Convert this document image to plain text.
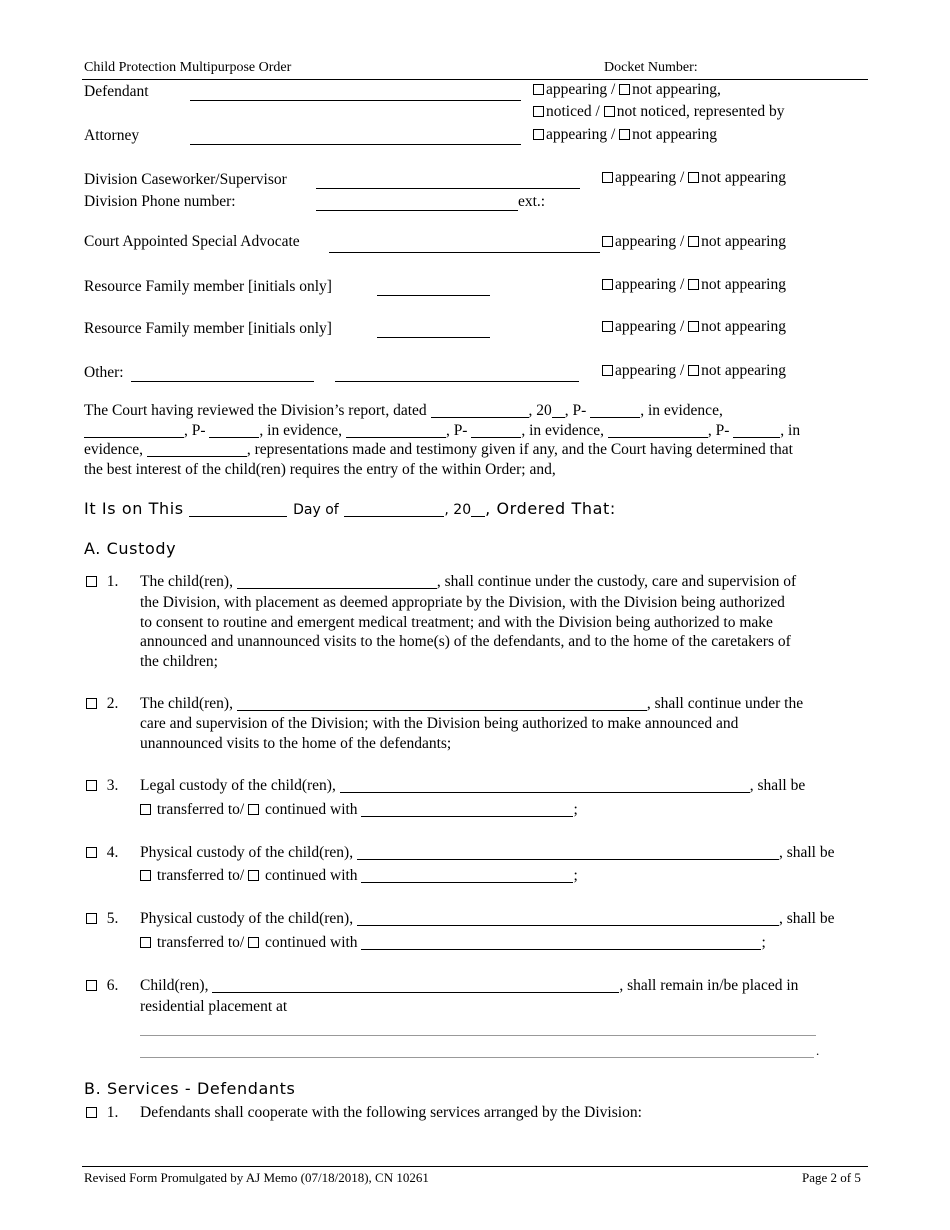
Child Protection Multipurpose Order	Docket Number:
Defendant	appearing / not appearing,
noticed / not noticed, represented by
Attorney	appearing / not appearing
Division Caseworker/Supervisor	appearing / not appearing
Division Phone number:	ext.:
Court Appointed Special Advocate	appearing / not appearing
Resource Family member [initials only]	appearing / not appearing
Resource Family member [initials only]	appearing / not appearing
Other:	appearing / not appearing
The Court having reviewed the Division’s report, dated	, 20 , P-	, in evidence,
, P-	, in evidence,	, P-	, in evidence,	, P-	, in
evidence,	, representations made and testimony given if any, and the Court having determined that
the best interest of the child(ren) requires the entry of the within Order; and,
It Is on This	Day of	, 20 , Ordered That:
A. Custody
1. The child(ren),	, shall continue under the custody, care and supervision of
the Division, with placement as deemed appropriate by the Division, with the Division being authorized
to consent to routine and emergent medical treatment; and with the Division being authorized to make
announced and unannounced visits to the home(s) of the defendants, and to the home of the caretakers of
the children;
2. The child(ren),	, shall continue under the
care and supervision of the Division; with the Division being authorized to make announced and
unannounced visits to the home of the defendants;
3. Legal custody of the child(ren),	, shall be
transferred to/ continued with	;
4. Physical custody of the child(ren),	, shall be
transferred to/ continued with	;
5. Physical custody of the child(ren),	, shall be
transferred to/ continued with	;
6. Child(ren),	, shall remain in/be placed in
residential placement at
.
B. Services - Defendants
1. Defendants shall cooperate with the following services arranged by the Division:
Revised Form Promulgated by AJ Memo (07/18/2018), CN 10261	Page 2 of 5
